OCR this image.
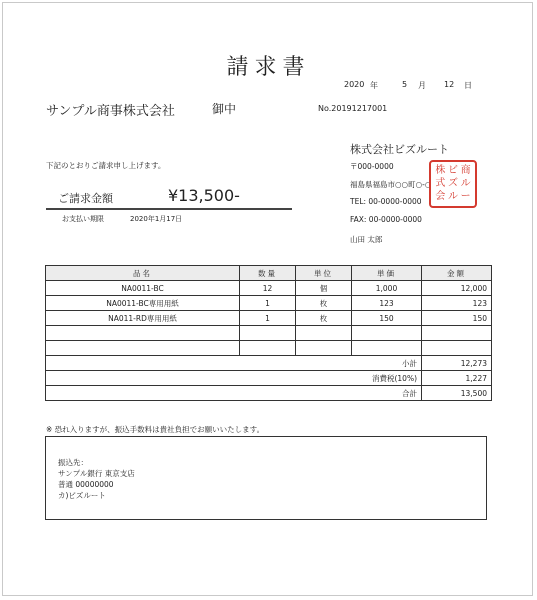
請求書
2020 年	5 月 12 日
サンプル商事株式会社	御中	No.20191217001
株式会社ビズルート
〒000-0000
福島県福島市○○町○-○
TEL: 00-0000-0000
FAX: 00-0000-0000
山田 太郎
株 ビ 商
式 ズ ル
会 ル ー
下記のとおりご請求申し上げます。
ご請求金額	¥13,500-
お支払い期限	2020年1月17日
品名	数量	単位	単価	金額
NA0011-BC	12	個	1,000	12,000
NA0011-BC専用用紙	1	枚	123	123
NA011-RD専用用紙	1	枚	150	150

小計				12,273
消費税(10%)				1,227
合計				13,500
※ 恐れ入りますが、振込手数料は貴社負担でお願いいたします。
振込先：
サンプル銀行 東京支店
普通 00000000
カ)ビズルート
